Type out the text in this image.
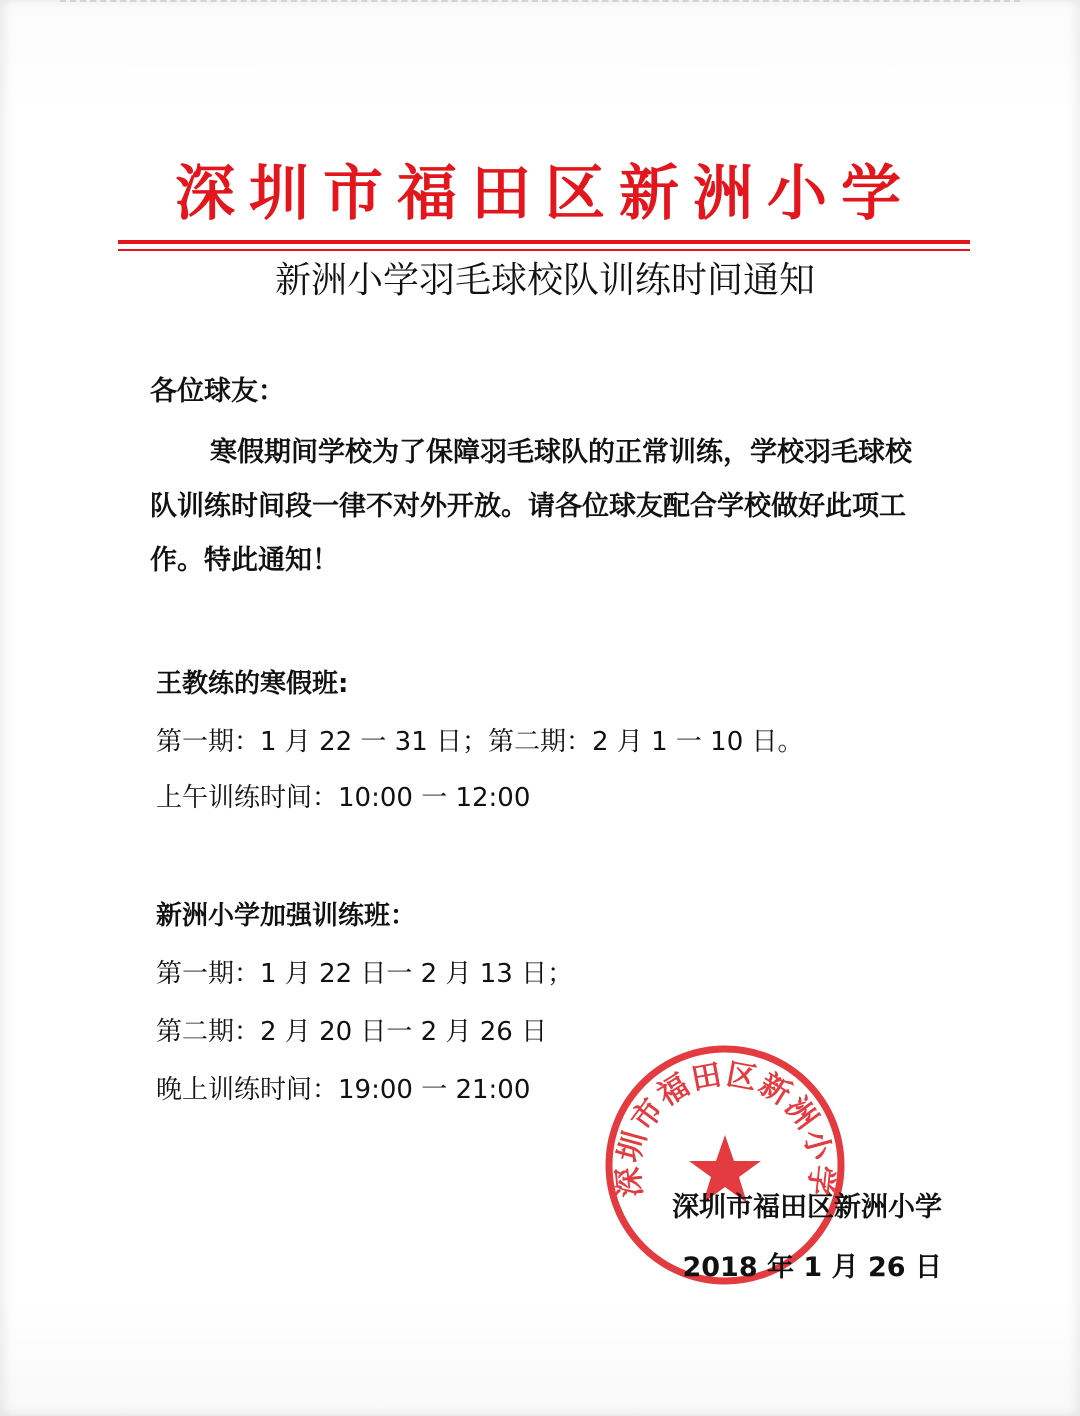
深圳市福田区新洲小学
新洲小学羽毛球校队训练时间通知
各位球友：
寒假期间学校为了保障羽毛球队的正常训练，学校羽毛球校队训练时间段一律不对外开放。请各位球友配合学校做好此项工作。特此通知！
王教练的寒假班:
第一期：1 月 22 一 31 日；第二期：2 月 1 一 10 日。
上午训练时间：10:00 一 12:00
新洲小学加强训练班：
第一期：1 月 22 日一 2 月 13 日；
第二期：2 月 20 日一 2 月 26 日
晚上训练时间：19:00 一 21:00
深圳市福田区新洲小学
深圳市福田区新洲小学
2018 年 1 月 26 日
